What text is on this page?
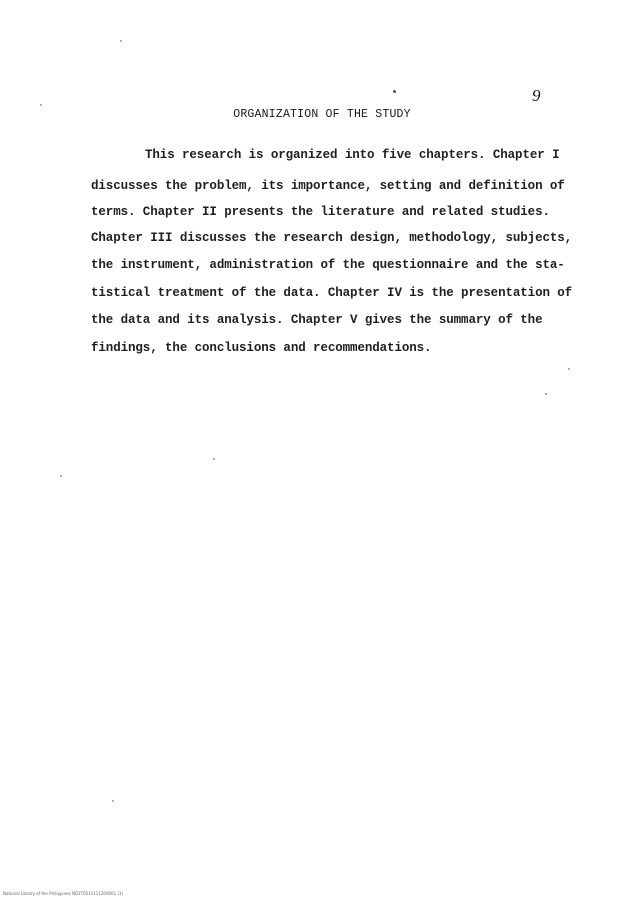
9
ORGANIZATION OF THE STUDY
This research is organized into five chapters. Chapter I
discusses the problem, its importance, setting and definition of
terms. Chapter II presents the literature and related studies.
Chapter III discusses the research design, methodology, subjects,
the instrument, administration of the questionnaire and the sta-
tistical treatment of the data. Chapter IV is the presentation of
the data and its analysis. Chapter V gives the summary of the
findings, the conclusions and recommendations.
National Library of the Philippines ND2T0511111200001 (1)
